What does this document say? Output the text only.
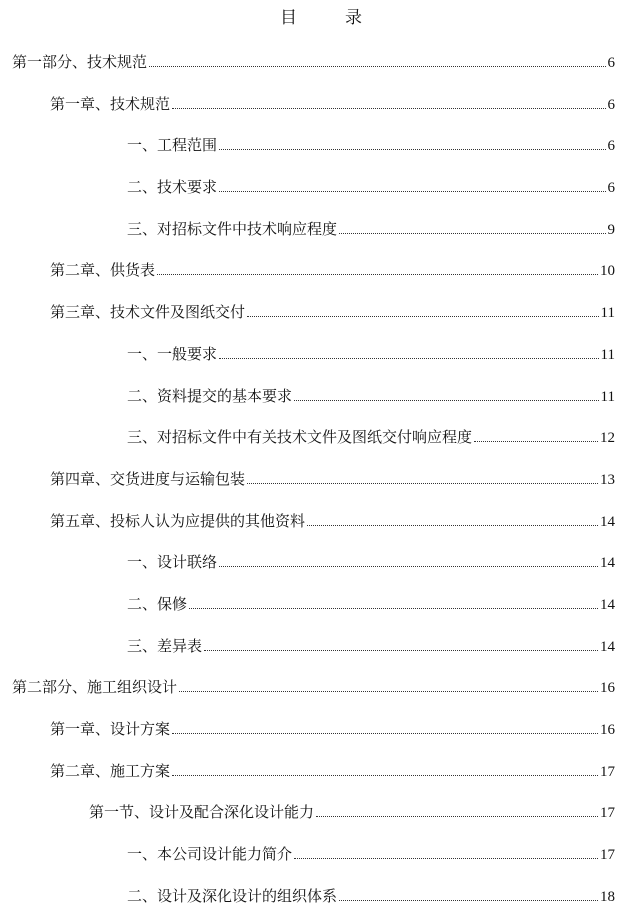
目	录
第一部分、技术规范	6
第一章、技术规范	6
一、工程范围	6
二、技术要求	6
三、对招标文件中技术响应程度	9
第二章、供货表	10
第三章、技术文件及图纸交付	11
一、一般要求	11
二、资料提交的基本要求	11
三、对招标文件中有关技术文件及图纸交付响应程度	12
第四章、交货进度与运输包装	13
第五章、投标人认为应提供的其他资料	14
一、设计联络	14
二、保修	14
三、差异表	14
第二部分、施工组织设计	16
第一章、设计方案	16
第二章、施工方案	17
第一节、设计及配合深化设计能力	17
一、本公司设计能力简介	17
二、设计及深化设计的组织体系	18
